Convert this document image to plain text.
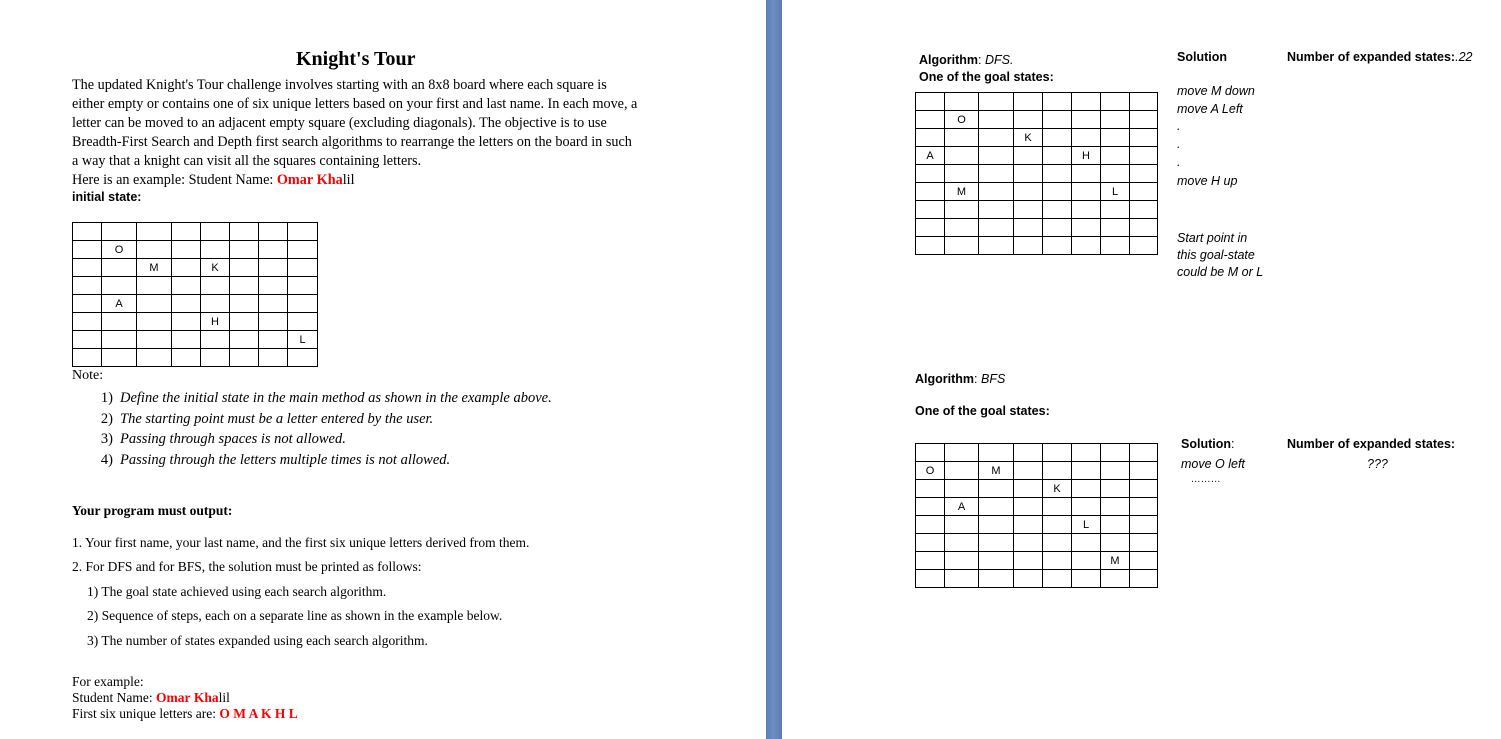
Knight's Tour
The updated Knight's Tour challenge involves starting with an 8x8 board where each square is
either empty or contains one of six unique letters based on your first and last name. In each move, a
letter can be moved to an adjacent empty square (excluding diagonals). The objective is to use
Breadth-First Search and Depth first search algorithms to rearrange the letters on the board in such
a way that a knight can visit all the squares containing letters.
Here is an example: Student Name: Omar Khalil
initial state:

	O						
		M		K			

	A						
				H			
							L

Note:
1) Define the initial state in the main method as shown in the example above.
2) The starting point must be a letter entered by the user.
3) Passing through spaces is not allowed.
4) Passing through the letters multiple times is not allowed.
Your program must output:
1. Your first name, your last name, and the first six unique letters derived from them.
2. For DFS and for BFS, the solution must be printed as follows:
1) The goal state achieved using each search algorithm.
2) Sequence of steps, each on a separate line as shown in the example below.
3) The number of states expanded using each search algorithm.
For example:
Student Name: Omar Khalil
First six unique letters are: O M A K H L
Algorithm: DFS.
One of the goal states:
Solution	Number of expanded states:.22

	O						
			K				
A					H		

	M					L	

move M down
move A Left
.
.
.
move H up
Start point in
this goal-state
could be M or L
Algorithm: BFS
One of the goal states:
Solution:	Number of expanded states:
???
move O left
………

O		M					
				K			
	A						
					L		

						M	
